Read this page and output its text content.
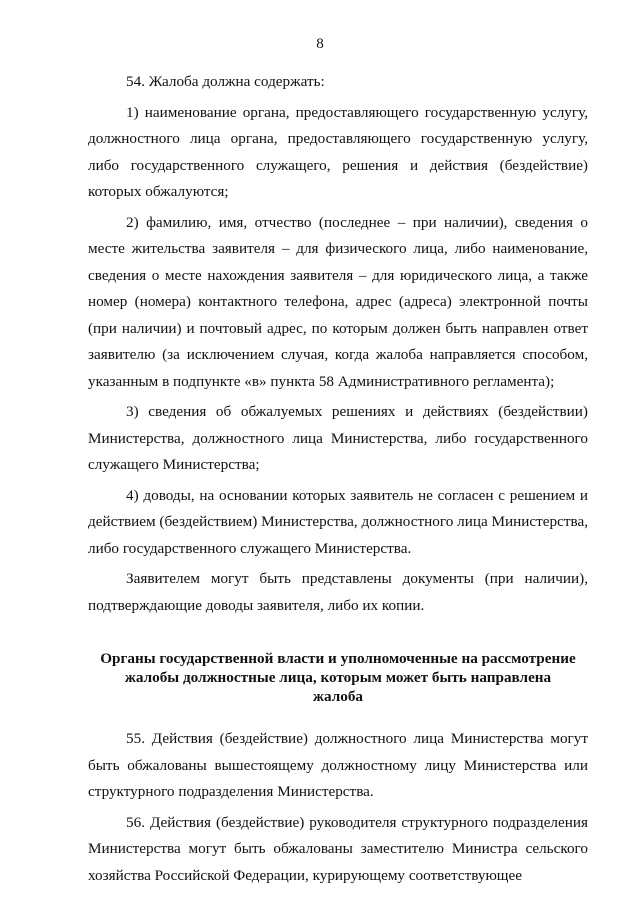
8

54. Жалоба должна содержать:

1) наименование органа, предоставляющего государственную услугу, должностного лица органа, предоставляющего государственную услугу, либо государственного служащего, решения и действия (бездействие) которых обжалуются;

2) фамилию, имя, отчество (последнее – при наличии), сведения о месте жительства заявителя – для физического лица, либо наименование, сведения о месте нахождения заявителя – для юридического лица, а также номер (номера) контактного телефона, адрес (адреса) электронной почты (при наличии) и почтовый адрес, по которым должен быть направлен ответ заявителю (за исключением случая, когда жалоба направляется способом, указанным в подпункте «в» пункта 58 Административного регламента);

3) сведения об обжалуемых решениях и действиях (бездействии) Министерства, должностного лица Министерства, либо государственного служащего Министерства;

4) доводы, на основании которых заявитель не согласен с решением и действием (бездействием) Министерства, должностного лица Министерства, либо государственного служащего Министерства.

Заявителем могут быть представлены документы (при наличии), подтверждающие доводы заявителя, либо их копии.

Органы государственной власти и уполномоченные на рассмотрение жалобы должностные лица, которым может быть направлена жалоба

55. Действия (бездействие) должностного лица Министерства могут быть обжалованы вышестоящему должностному лицу Министерства или структурного подразделения Министерства.

56. Действия (бездействие) руководителя структурного подразделения Министерства могут быть обжалованы заместителю Министра сельского хозяйства Российской Федерации, курирующему соответствующее
